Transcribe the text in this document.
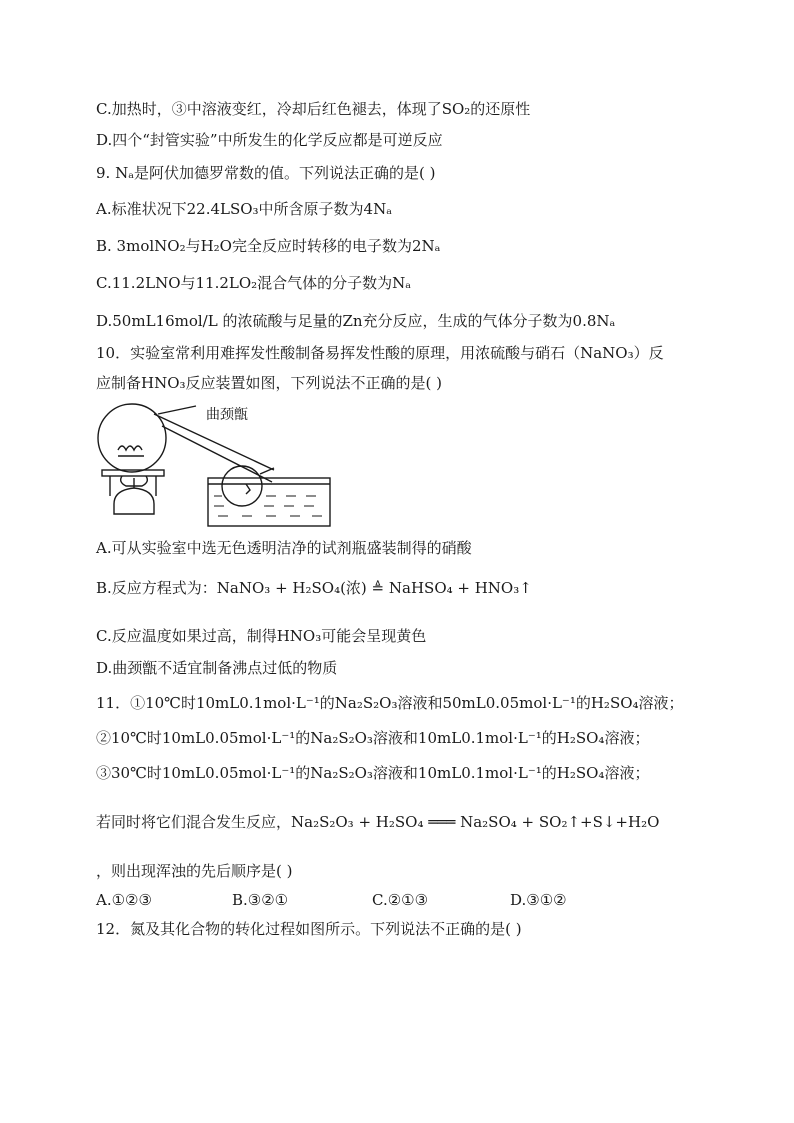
C.加热时，③中溶液变红，冷却后红色褪去，体现了SO₂的还原性
D.四个“封管实验”中所发生的化学反应都是可逆反应
9. Nₐ是阿伏加德罗常数的值。下列说法正确的是( )
A.标准状况下22.4LSO₃中所含原子数为4Nₐ
B. 3molNO₂与H₂O完全反应时转移的电子数为2Nₐ
C.11.2LNO与11.2LO₂混合气体的分子数为Nₐ
D.50mL16mol/L 的浓硫酸与足量的Zn充分反应，生成的气体分子数为0.8Nₐ
10．实验室常利用难挥发性酸制备易挥发性酸的原理，用浓硫酸与硝石（NaNO₃）反
应制备HNO₃反应装置如图，下列说法不正确的是( )
曲颈甑
A.可从实验室中选无色透明洁净的试剂瓶盛装制得的硝酸
B.反应方程式为：NaNO₃ + H₂SO₄(浓) ≜ NaHSO₄ + HNO₃↑
C.反应温度如果过高，制得HNO₃可能会呈现黄色
D.曲颈甑不适宜制备沸点过低的物质
11．①10℃时10mL0.1mol·L⁻¹的Na₂S₂O₃溶液和50mL0.05mol·L⁻¹的H₂SO₄溶液；
②10℃时10mL0.05mol·L⁻¹的Na₂S₂O₃溶液和10mL0.1mol·L⁻¹的H₂SO₄溶液；
③30℃时10mL0.05mol·L⁻¹的Na₂S₂O₃溶液和10mL0.1mol·L⁻¹的H₂SO₄溶液；
若同时将它们混合发生反应，Na₂S₂O₃ + H₂SO₄ ═══ Na₂SO₄ + SO₂↑+S↓+H₂O
，则出现浑浊的先后顺序是( )
A.①②③	B.③②①	C.②①③	D.③①②
12．氮及其化合物的转化过程如图所示。下列说法不正确的是( )
